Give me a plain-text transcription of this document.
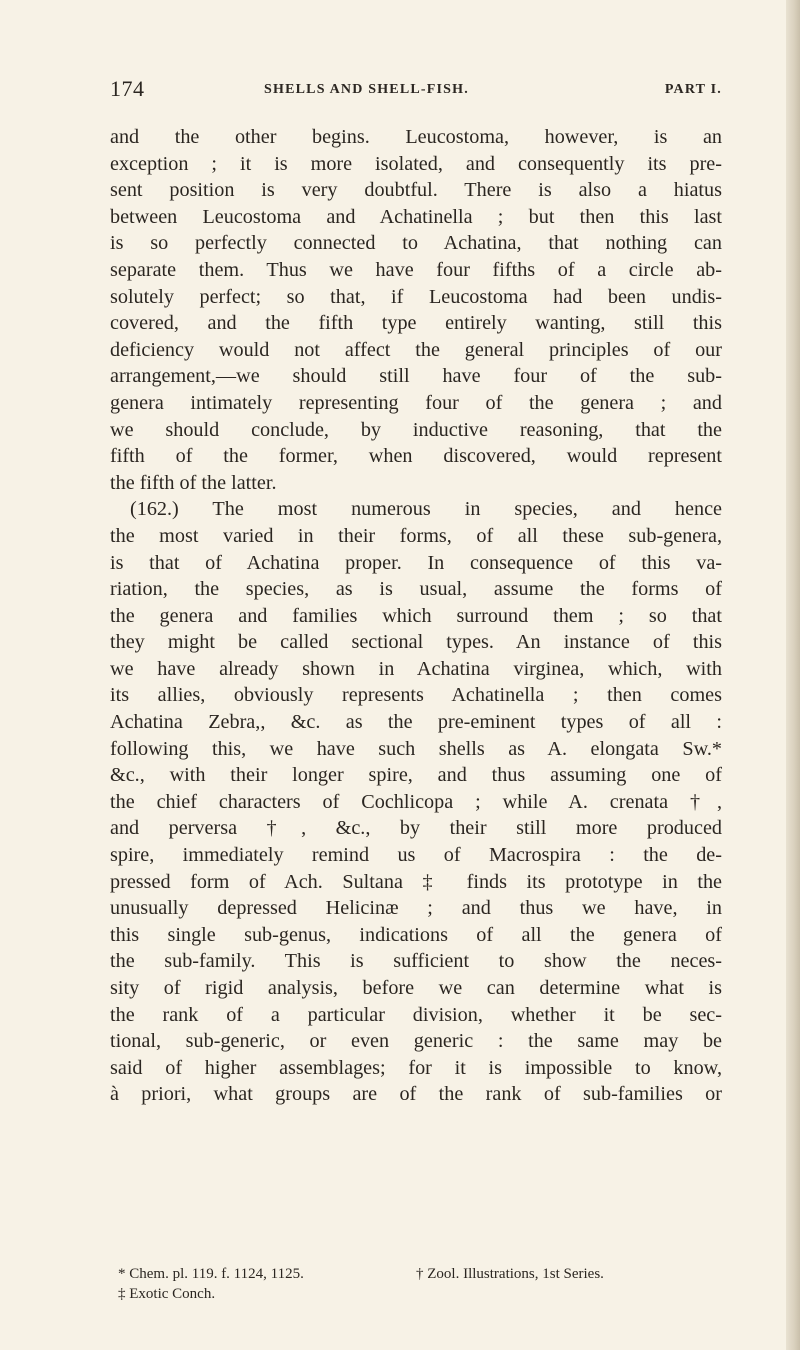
174	SHELLS AND SHELL-FISH.	PART I.
and the other begins. Leucostoma, however, is an
exception ; it is more isolated, and consequently its pre-
sent position is very doubtful. There is also a hiatus
between Leucostoma and Achatinella ; but then this last
is so perfectly connected to Achatina, that nothing can
separate them. Thus we have four fifths of a circle ab-
solutely perfect; so that, if Leucostoma had been undis-
covered, and the fifth type entirely wanting, still this
deficiency would not affect the general principles of our
arrangement,—we should still have four of the sub-
genera intimately representing four of the genera ; and
we should conclude, by inductive reasoning, that the
fifth of the former, when discovered, would represent
the fifth of the latter.
(162.) The most numerous in species, and hence
the most varied in their forms, of all these sub-genera,
is that of Achatina proper. In consequence of this va-
riation, the species, as is usual, assume the forms of
the genera and families which surround them ; so that
they might be called sectional types. An instance of this
we have already shown in Achatina virginea, which, with
its allies, obviously represents Achatinella ; then comes
Achatina Zebra,, &c. as the pre-eminent types of all :
following this, we have such shells as A. elongata Sw.*
&c., with their longer spire, and thus assuming one of
the chief characters of Cochlicopa ; while A. crenata †,
and perversa †, &c., by their still more produced
spire, immediately remind us of Macrospira : the de-
pressed form of Ach. Sultana ‡ finds its prototype in the
unusually depressed Helicinæ ; and thus we have, in
this single sub-genus, indications of all the genera of
the sub-family. This is sufficient to show the neces-
sity of rigid analysis, before we can determine what is
the rank of a particular division, whether it be sec-
tional, sub-generic, or even generic : the same may be
said of higher assemblages; for it is impossible to know,
à priori, what groups are of the rank of sub-families or
* Chem. pl. 119. f. 1124, 1125.	† Zool. Illustrations, 1st Series.
‡ Exotic Conch.
